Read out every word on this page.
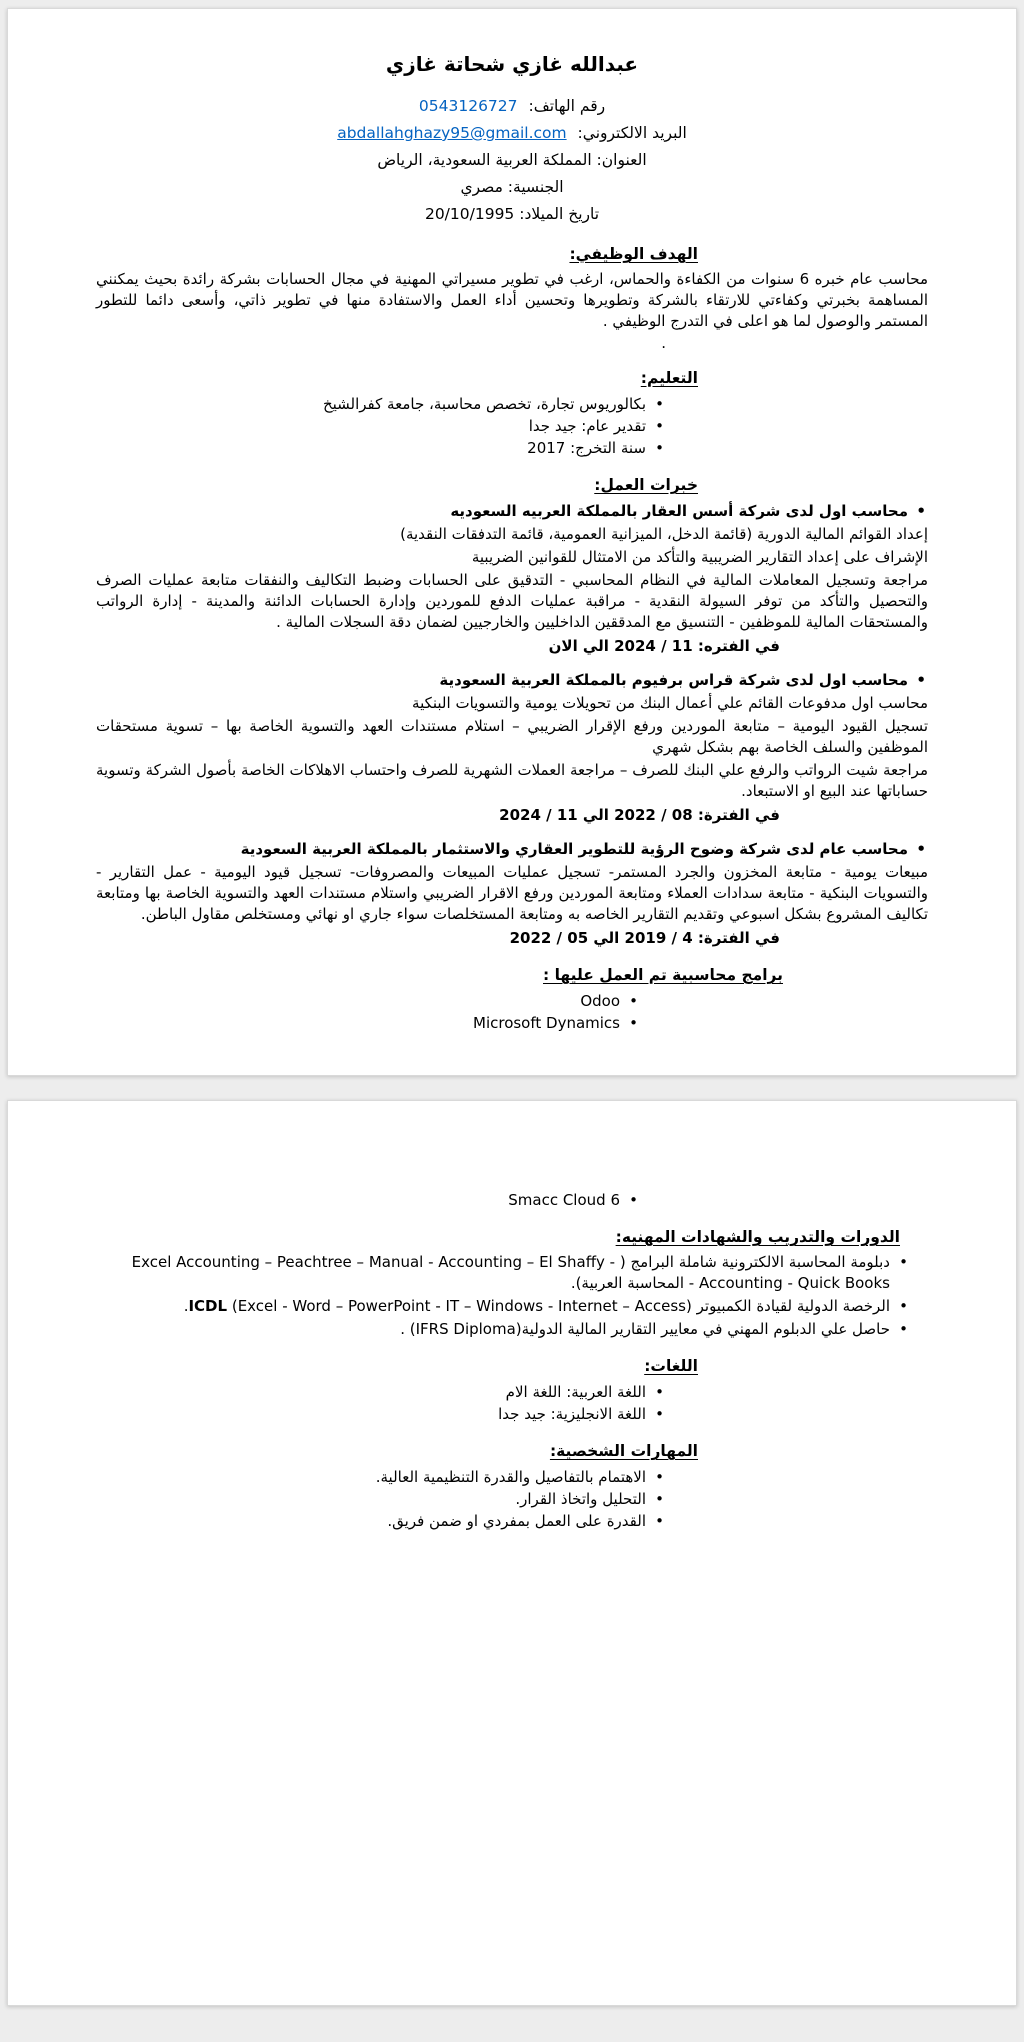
عبدالله غازي شحاتة غازي
رقم الهاتف: 0543126727
البريد الالكتروني: abdallahghazy95@gmail.com
العنوان: المملكة العربية السعودية، الرياض
الجنسية: مصري
تاريخ الميلاد: 20/10/1995
الهدف الوظيفي:

محاسب عام خبره 6 سنوات من الكفاءة والحماس، ارغب في تطوير مسيراتي المهنية في مجال الحسابات بشركة رائدة بحيث يمكنني المساهمة بخبرتي وكفاءتي للارتقاء بالشركة وتطويرها وتحسين أداء العمل والاستفادة منها في تطوير ذاتي، وأسعى دائما للتطور المستمر والوصول لما هو اعلى في التدرج الوظيفي .

.
التعليم:
• بكالوريوس تجارة، تخصص محاسبة، جامعة كفرالشيخ
• تقدير عام: جيد جدا
• سنة التخرج: 2017
خبرات العمل:
• محاسب اول لدى شركة أسس العقار بالمملكة العربيه السعوديه

إعداد القوائم المالية الدورية (قائمة الدخل، الميزانية العمومية، قائمة التدفقات النقدية)

الإشراف على إعداد التقارير الضريبية والتأكد من الامتثال للقوانين الضريبية

مراجعة وتسجيل المعاملات المالية في النظام المحاسبي - التدقيق على الحسابات وضبط التكاليف والنفقات متابعة عمليات الصرف والتحصيل والتأكد من توفر السيولة النقدية - مراقبة عمليات الدفع للموردين وإدارة الحسابات الدائنة والمدينة - إدارة الرواتب والمستحقات المالية للموظفين - التنسيق مع المدققين الداخليين والخارجيين لضمان دقة السجلات المالية .

في الفتره: 11 / 2024 الي الان
• محاسب اول لدى شركة قراس برفيوم بالمملكة العربية السعودية

محاسب اول مدفوعات القائم علي أعمال البنك من تحويلات يومية والتسويات البنكية

تسجيل القيود اليومية – متابعة الموردين ورفع الإقرار الضريبي – استلام مستندات العهد والتسوية الخاصة بها – تسوية مستحقات الموظفين والسلف الخاصة بهم بشكل شهري

مراجعة شيت الرواتب والرفع علي البنك للصرف – مراجعة العملات الشهرية للصرف واحتساب الاهلاكات الخاصة بأصول الشركة وتسوية حساباتها عند البيع او الاستبعاد.

في الفترة: 08 / 2022 الي 11 / 2024
• محاسب عام لدى شركة وضوح الرؤية للتطوير العقاري والاستثمار بالمملكة العربية السعودية

مبيعات يومية - متابعة المخزون والجرد المستمر- تسجيل عمليات المبيعات والمصروفات- تسجيل قيود اليومية - عمل التقارير - والتسويات البنكية - متابعة سدادات العملاء ومتابعة الموردين ورفع الاقرار الضريبي واستلام مستندات العهد والتسوية الخاصة بها ومتابعة تكاليف المشروع بشكل اسبوعي وتقديم التقارير الخاصه به ومتابعة المستخلصات سواء جاري او نهائي ومستخلص مقاول الباطن.

في الفترة: 4 / 2019 الي 05 / 2022
برامج محاسبية تم العمل عليها :
• Odoo
• Microsoft Dynamics
• Smacc Cloud 6
الدورات والتدريب والشهادات المهنيه:
• دبلومة المحاسبة الالكترونية شاملة البرامج ( Excel Accounting – Peachtree – Manual - Accounting – El Shaffy - Accounting - Quick Books - المحاسبة العربية).
• الرخصة الدولية لقيادة الكمبيوتر ICDL (Excel - Word – PowerPoint - IT – Windows - Internet – Access).
• حاصل علي الدبلوم المهني في معايير التقارير المالية الدولية(IFRS Diploma) .
اللغات:
• اللغة العربية: اللغة الام
• اللغة الانجليزية: جيد جدا
المهارات الشخصية:
• الاهتمام بالتفاصيل والقدرة التنظيمية العالية.
• التحليل واتخاذ القرار.
• القدرة على العمل بمفردي او ضمن فريق.
